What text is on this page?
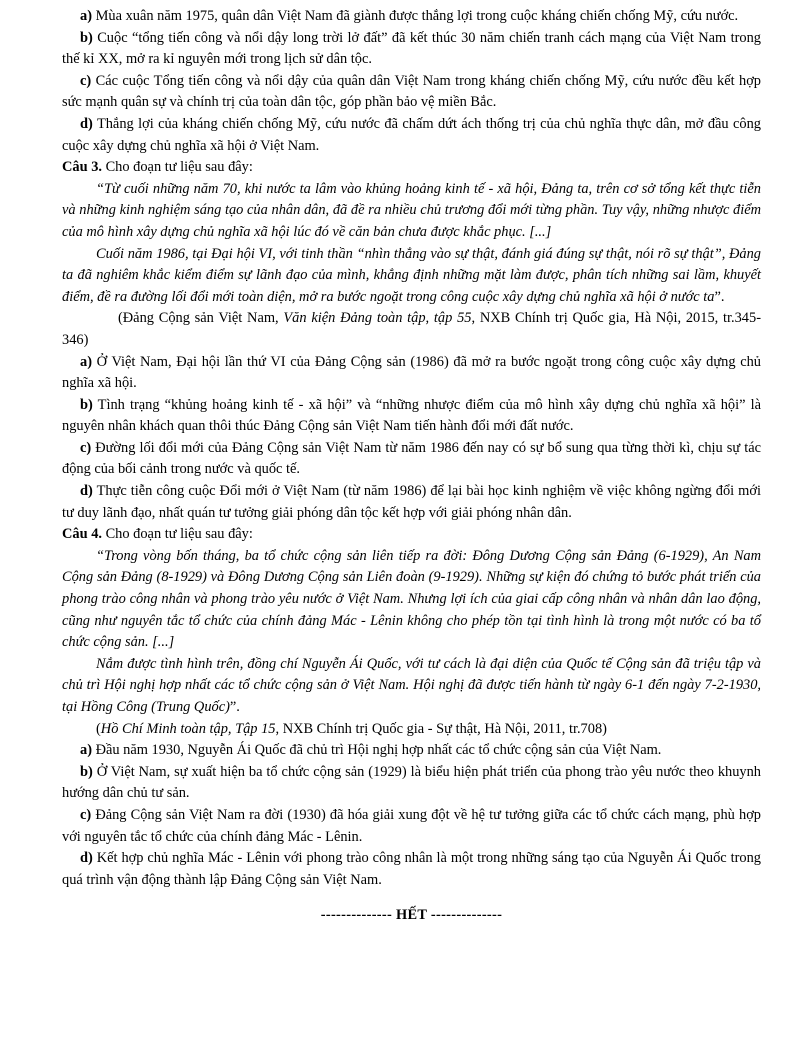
a) Mùa xuân năm 1975, quân dân Việt Nam đã giành được thắng lợi trong cuộc kháng chiến chống Mỹ, cứu nước.

b) Cuộc “tổng tiến công và nổi dậy long trời lở đất” đã kết thúc 30 năm chiến tranh cách mạng của Việt Nam trong thế kỉ XX, mở ra kỉ nguyên mới trong lịch sử dân tộc.

c) Các cuộc Tổng tiến công và nổi dậy của quân dân Việt Nam trong kháng chiến chống Mỹ, cứu nước đều kết hợp sức mạnh quân sự và chính trị của toàn dân tộc, góp phần bảo vệ miền Bắc.

d) Thắng lợi của kháng chiến chống Mỹ, cứu nước đã chấm dứt ách thống trị của chủ nghĩa thực dân, mở đầu công cuộc xây dựng chủ nghĩa xã hội ở Việt Nam.

Câu 3. Cho đoạn tư liệu sau đây:

“Từ cuối những năm 70, khi nước ta lâm vào khủng hoảng kinh tế - xã hội, Đảng ta, trên cơ sở tổng kết thực tiễn và những kinh nghiệm sáng tạo của nhân dân, đã đề ra nhiều chủ trương đổi mới từng phần. Tuy vậy, những nhược điểm của mô hình xây dựng chủ nghĩa xã hội lúc đó về căn bản chưa được khắc phục. [...]

Cuối năm 1986, tại Đại hội VI, với tinh thần “nhìn thẳng vào sự thật, đánh giá đúng sự thật, nói rõ sự thật”, Đảng ta đã nghiêm khắc kiểm điểm sự lãnh đạo của mình, khẳng định những mặt làm được, phân tích những sai lầm, khuyết điểm, đề ra đường lối đổi mới toàn diện, mở ra bước ngoặt trong công cuộc xây dựng chủ nghĩa xã hội ở nước ta”.

(Đảng Cộng sản Việt Nam, Văn kiện Đảng toàn tập, tập 55, NXB Chính trị Quốc gia, Hà Nội, 2015, tr.345-346)

a) Ở Việt Nam, Đại hội lần thứ VI của Đảng Cộng sản (1986) đã mở ra bước ngoặt trong công cuộc xây dựng chủ nghĩa xã hội.

b) Tình trạng “khủng hoảng kinh tế - xã hội” và “những nhược điểm của mô hình xây dựng chủ nghĩa xã hội” là nguyên nhân khách quan thôi thúc Đảng Cộng sản Việt Nam tiến hành đổi mới đất nước.

c) Đường lối đổi mới của Đảng Cộng sản Việt Nam từ năm 1986 đến nay có sự bổ sung qua từng thời kì, chịu sự tác động của bối cảnh trong nước và quốc tế.

d) Thực tiễn công cuộc Đổi mới ở Việt Nam (từ năm 1986) để lại bài học kinh nghiệm về việc không ngừng đổi mới tư duy lãnh đạo, nhất quán tư tưởng giải phóng dân tộc kết hợp với giải phóng nhân dân.

Câu 4. Cho đoạn tư liệu sau đây:

“Trong vòng bốn tháng, ba tổ chức cộng sản liên tiếp ra đời: Đông Dương Cộng sản Đảng (6-1929), An Nam Cộng sản Đảng (8-1929) và Đông Dương Cộng sản Liên đoàn (9-1929). Những sự kiện đó chứng tỏ bước phát triển của phong trào công nhân và phong trào yêu nước ở Việt Nam. Nhưng lợi ích của giai cấp công nhân và nhân dân lao động, cũng như nguyên tắc tổ chức của chính đảng Mác - Lênin không cho phép tồn tại tình hình là trong một nước có ba tổ chức cộng sản. [...]

Nắm được tình hình trên, đồng chí Nguyễn Ái Quốc, với tư cách là đại diện của Quốc tế Cộng sản đã triệu tập và chủ trì Hội nghị hợp nhất các tổ chức cộng sản ở Việt Nam. Hội nghị đã được tiến hành từ ngày 6-1 đến ngày 7-2-1930, tại Hồng Công (Trung Quốc)”.

(Hồ Chí Minh toàn tập, Tập 15, NXB Chính trị Quốc gia - Sự thật, Hà Nội, 2011, tr.708)

a) Đầu năm 1930, Nguyễn Ái Quốc đã chủ trì Hội nghị hợp nhất các tổ chức cộng sản của Việt Nam.

b) Ở Việt Nam, sự xuất hiện ba tổ chức cộng sản (1929) là biểu hiện phát triển của phong trào yêu nước theo khuynh hướng dân chủ tư sản.

c) Đảng Cộng sản Việt Nam ra đời (1930) đã hóa giải xung đột về hệ tư tưởng giữa các tổ chức cách mạng, phù hợp với nguyên tắc tổ chức của chính đảng Mác - Lênin.

d) Kết hợp chủ nghĩa Mác - Lênin với phong trào công nhân là một trong những sáng tạo của Nguyễn Ái Quốc trong quá trình vận động thành lập Đảng Cộng sản Việt Nam.

-------------- HẾT --------------
